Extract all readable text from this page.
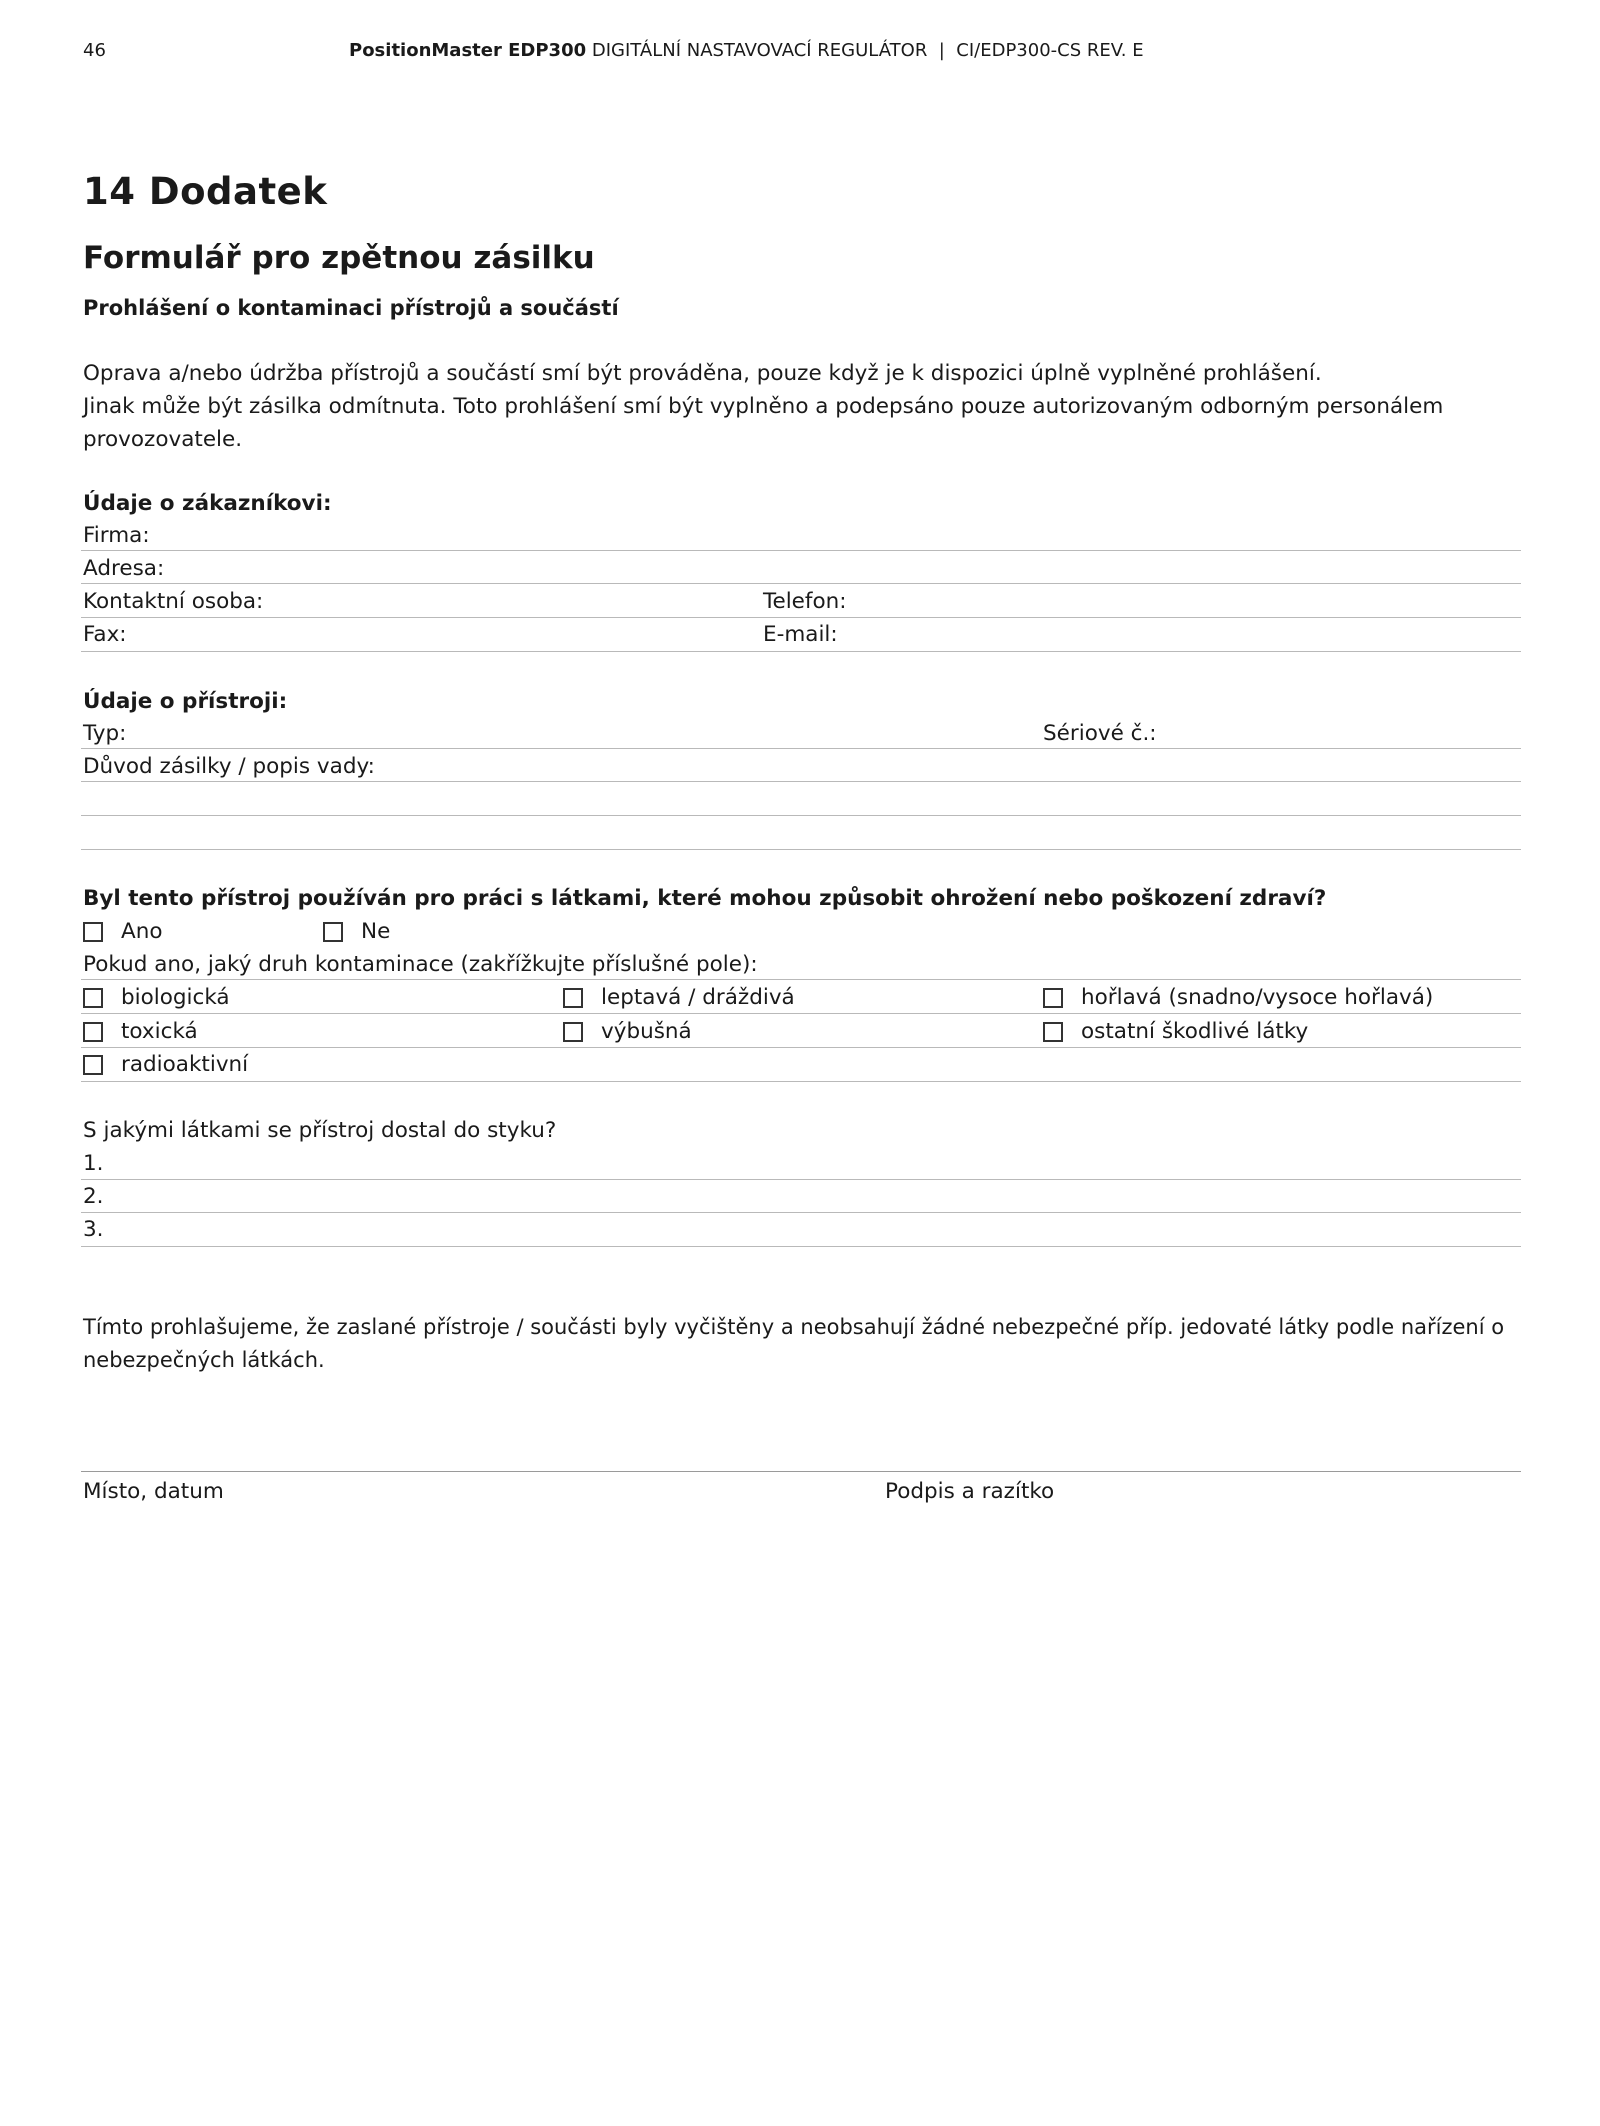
46	PositionMaster EDP300 DIGITÁLNÍ NASTAVOVACÍ REGULÁTOR  |  CI/EDP300-CS REV. E
14 Dodatek
Formulář pro zpětnou zásilku
Prohlášení o kontaminaci přístrojů a součástí
Oprava a/nebo údržba přístrojů a součástí smí být prováděna, pouze když je k dispozici úplně vyplněné prohlášení.
Jinak může být zásilka odmítnuta. Toto prohlášení smí být vyplněno a podepsáno pouze autorizovaným odborným personálem
provozovatele.
Údaje o zákazníkovi:
Firma:
Adresa:
Kontaktní osoba:	Telefon:
Fax:	E-mail:
Údaje o přístroji:
Typ:	Sériové č.:
Důvod zásilky / popis vady:
Byl tento přístroj používán pro práci s látkami, které mohou způsobit ohrožení nebo poškození zdraví?
Ano	Ne
Pokud ano, jaký druh kontaminace (zakřížkujte příslušné pole):
biologická	leptavá / dráždivá	hořlavá (snadno/vysoce hořlavá)
toxická	výbušná	ostatní škodlivé látky
radioaktivní
S jakými látkami se přístroj dostal do styku?
1.
2.
3.
Tímto prohlašujeme, že zaslané přístroje / součásti byly vyčištěny a neobsahují žádné nebezpečné příp. jedovaté látky podle nařízení o
nebezpečných látkách.
Místo, datum	Podpis a razítko
